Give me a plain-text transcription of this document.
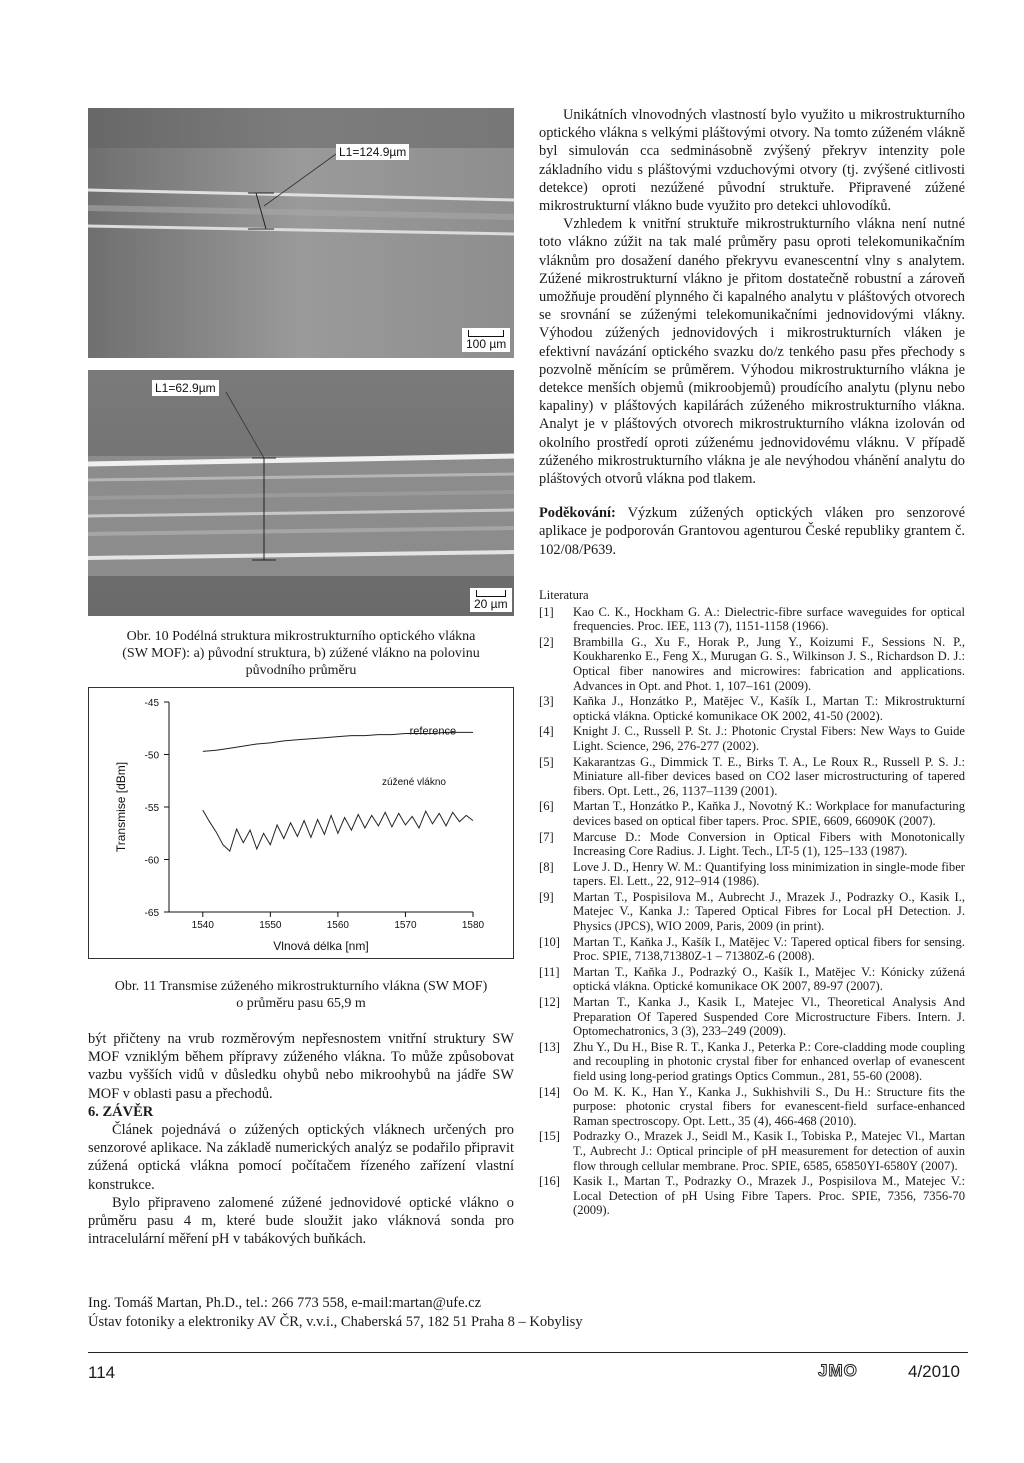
L1=124.9µm
100 µm
L1=62.9µm
20 µm
Obr. 10 Podélná struktura mikrostrukturního optického vlákna
(SW MOF): a) původní struktura, b) zúžené vlákno na polovinu
původního průměru
1540	1550	1560	1570	1580
-45
-50
-55
-60
-65
Vlnová délka [nm]
Transmise [dBm]
reference
zúžené vlákno
Obr. 11 Transmise zúženého mikrostrukturního vlákna (SW MOF)
o průměru pasu 65,9 m

být přičteny na vrub rozměrovým nepřesnostem vnitřní struktury SW MOF vzniklým během přípravy zúženého vlákna. To může způsobovat vazbu vyšších vidů v důsledku ohybů nebo mikroohybů na jádře SW MOF v oblasti pasu a přechodů.

6. ZÁVĚR

Článek pojednává o zúžených optických vláknech určených pro senzorové aplikace. Na základě numerických analýz se podařilo připravit zúžená optická vlákna pomocí počítačem řízeného zařízení vlastní konstrukce.

Bylo připraveno zalomené zúžené jednovidové optické vlákno o průměru pasu 4 m, které bude sloužit jako vláknová sonda pro intracelulární měření pH v tabákových buňkách.

Unikátních vlnovodných vlastností bylo využito u mikrostrukturního optického vlákna s velkými pláštovými otvory. Na tomto zúženém vlákně byl simulován cca sedminásobně zvýšený překryv intenzity pole základního vidu s pláštovými vzduchovými otvory (tj. zvýšené citlivosti detekce) oproti nezúžené původní struktuře. Připravené zúžené mikrostrukturní vlákno bude využito pro detekci uhlovodíků.

Vzhledem k vnitřní struktuře mikrostrukturního vlákna není nutné toto vlákno zúžit na tak malé průměry pasu oproti telekomunikačním vláknům pro dosažení daného překryvu evanescentní vlny s analytem. Zúžené mikrostrukturní vlákno je přitom dostatečně robustní a zároveň umožňuje proudění plynného či kapalného analytu v pláštových otvorech se srovnání se zúženými telekomunikačními jednovidovými vlákny. Výhodou zúžených jednovidových i mikrostrukturních vláken je efektivní navázání optického svazku do/z tenkého pasu přes přechody s pozvolně měnícím se průměrem. Výhodou mikrostrukturního vlákna je detekce menších objemů (mikroobjemů) proudícího analytu (plynu nebo kapaliny) v pláštových kapilárách zúženého mikrostrukturního vlákna. Analyt je v pláštových otvorech mikrostrukturního vlákna izolován od okolního prostředí oproti zúženému jednovidovému vláknu. V případě zúženého mikrostrukturního vlákna je ale nevýhodou vhánění analytu do pláštových otvorů vlákna pod tlakem.

Poděkování: Výzkum zúžených optických vláken pro senzorové aplikace je podporován Grantovou agenturou České republiky grantem č. 102/08/P639.

Literatura
[1] Kao C. K., Hockham G. A.: Dielectric-fibre surface waveguides for optical frequencies. Proc. IEE, 113 (7), 1151-1158 (1966).
[2] Brambilla G., Xu F., Horak P., Jung Y., Koizumi F., Sessions N. P., Koukharenko E., Feng X., Murugan G. S., Wilkinson J. S., Richardson D. J.: Optical fiber nanowires and microwires: fabrication and applications. Advances in Opt. and Phot. 1, 107–161 (2009).
[3] Kaňka J., Honzátko P., Matějec V., Kašík I., Martan T.: Mikrostrukturní optická vlákna. Optické komunikace OK 2002, 41-50 (2002).
[4] Knight J. C., Russell P. St. J.: Photonic Crystal Fibers: New Ways to Guide Light. Science, 296, 276-277 (2002).
[5] Kakarantzas G., Dimmick T. E., Birks T. A., Le Roux R., Russell P. S. J.: Miniature all-fiber devices based on CO2 laser microstructuring of tapered fibers. Opt. Lett., 26, 1137–1139 (2001).
[6] Martan T., Honzátko P., Kaňka J., Novotný K.: Workplace for manufacturing devices based on optical fiber tapers. Proc. SPIE, 6609, 66090K (2007).
[7] Marcuse D.: Mode Conversion in Optical Fibers with Monotonically Increasing Core Radius. J. Light. Tech., LT-5 (1), 125–133 (1987).
[8] Love J. D., Henry W. M.: Quantifying loss minimization in single-mode fiber tapers. El. Lett., 22, 912–914 (1986).
[9] Martan T., Pospisilova M., Aubrecht J., Mrazek J., Podrazky O., Kasik I., Matejec V., Kanka J.: Tapered Optical Fibres for Local pH Detection. J. Physics (JPCS), WIO 2009, Paris, 2009 (in print).
[10] Martan T., Kaňka J., Kašík I., Matějec V.: Tapered optical fibers for sensing. Proc. SPIE, 7138,71380Z-1 – 71380Z-6 (2008).
[11] Martan T., Kaňka J., Podrazký O., Kašík I., Matějec V.: Kónicky zúžená optická vlákna. Optické komunikace OK 2007, 89-97 (2007).
[12] Martan T., Kanka J., Kasik I., Matejec Vl., Theoretical Analysis And Preparation Of Tapered Suspended Core Microstructure Fibers. Intern. J. Optomechatronics, 3 (3), 233–249 (2009).
[13] Zhu Y., Du H., Bise R. T., Kanka J., Peterka P.: Core-cladding mode coupling and recoupling in photonic crystal fiber for enhanced overlap of evanescent field using long-period gratings Optics Commun., 281, 55-60 (2008).
[14] Oo M. K. K., Han Y., Kanka J., Sukhishvili S., Du H.: Structure fits the purpose: photonic crystal fibers for evanescent-field surface-enhanced Raman spectroscopy. Opt. Lett., 35 (4), 466-468 (2010).
[15] Podrazky O., Mrazek J., Seidl M., Kasik I., Tobiska P., Matejec Vl., Martan T., Aubrecht J.: Optical principle of pH measurement for detection of auxin flow through cellular membrane. Proc. SPIE, 6585, 65850YI-6580Y (2007).
[16] Kasik I., Martan T., Podrazky O., Mrazek J., Pospisilova M., Matejec V.: Local Detection of pH Using Fibre Tapers. Proc. SPIE, 7356, 7356-70 (2009).
Ing. Tomáš Martan, Ph.D., tel.: 266 773 558, e-mail:martan@ufe.cz
Ústav fotoniky a elektroniky AV ČR, v.v.i., Chaberská 57, 182 51 Praha 8 – Kobylisy
114	JMO	4/2010
